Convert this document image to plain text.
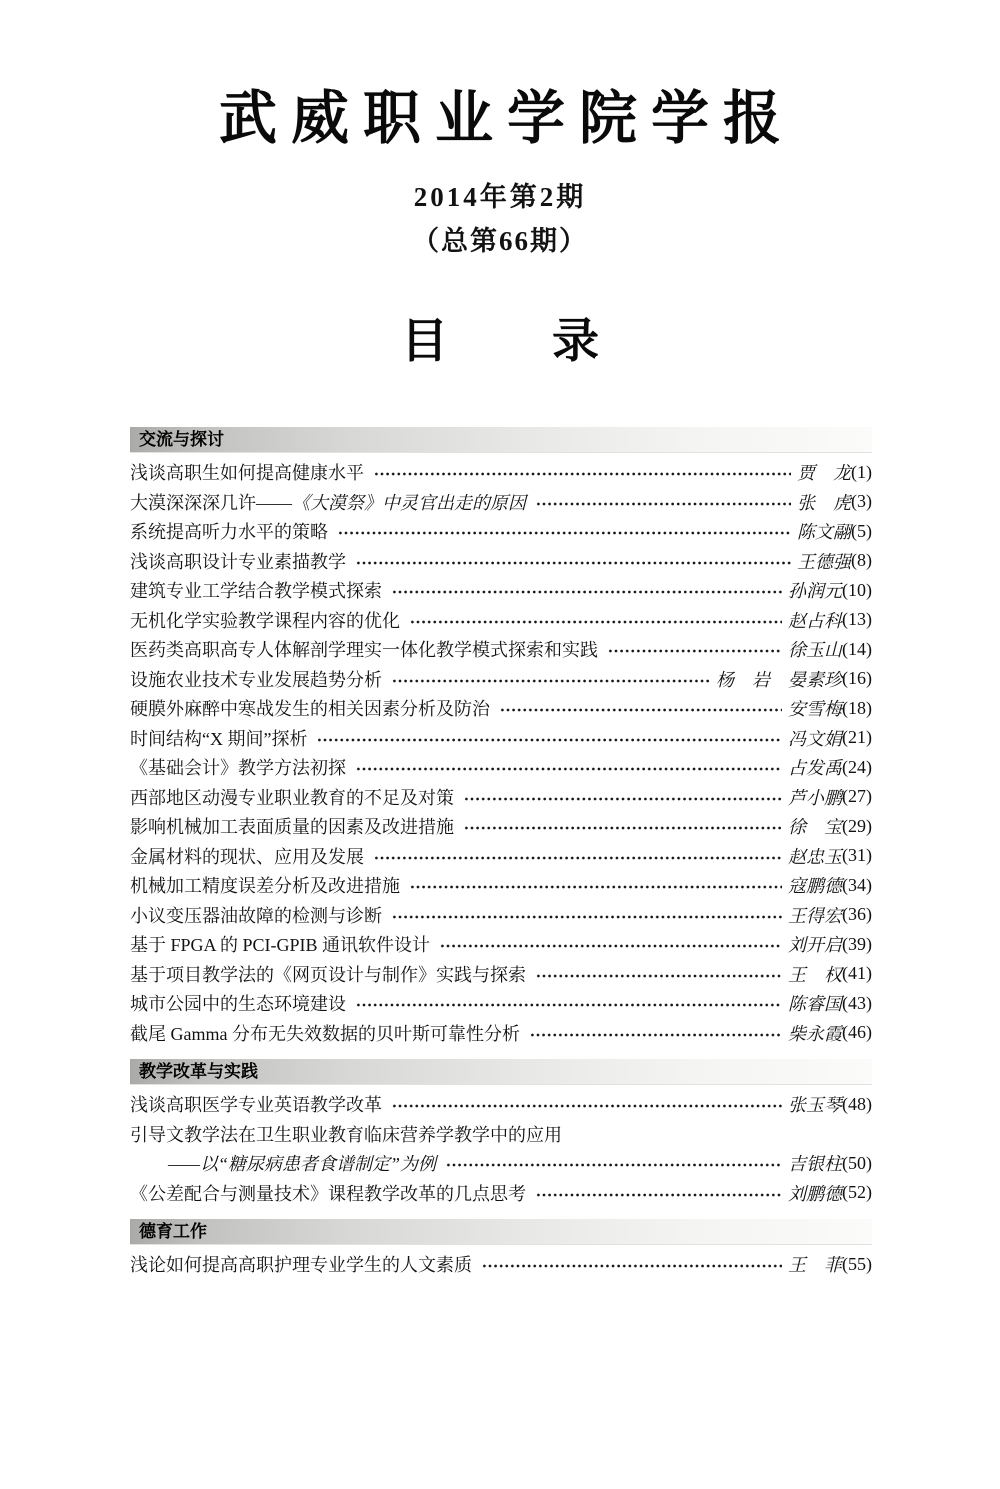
武威职业学院学报
2014年第2期
（总第66期）
目 录
交流与探讨
浅谈高职生如何提高健康水平	贾　龙 (1)
大漠深深深几许—— 《大漠祭》中灵官出走的原因	张　虎 (3)
系统提高听力水平的策略	陈文翮 (5)
浅谈高职设计专业素描教学	王德强 (8)
建筑专业工学结合教学模式探索	孙润元 (10)
无机化学实验教学课程内容的优化	赵占科 (13)
医药类高职高专人体解剖学理实一体化教学模式探索和实践	徐玉山 (14)
设施农业技术专业发展趋势分析	杨　岩　晏素珍 (16)
硬膜外麻醉中寒战发生的相关因素分析及防治	安雪梅 (18)
时间结构“X 期间”探析	冯文娟 (21)
《基础会计》教学方法初探	占发禹 (24)
西部地区动漫专业职业教育的不足及对策	芦小鹏 (27)
影响机械加工表面质量的因素及改进措施	徐　宝 (29)
金属材料的现状、应用及发展	赵忠玉 (31)
机械加工精度误差分析及改进措施	寇鹏德 (34)
小议变压器油故障的检测与诊断	王得宏 (36)
基于 FPGA 的 PCI-GPIB 通讯软件设计	刘开启 (39)
基于项目教学法的《网页设计与制作》实践与探索	王　权 (41)
城市公园中的生态环境建设	陈睿国 (43)
截尾 Gamma 分布无失效数据的贝叶斯可靠性分析	柴永霞 (46)
教学改革与实践
浅谈高职医学专业英语教学改革	张玉琴 (48)
引导文教学法在卫生职业教育临床营养学教学中的应用
——以“糖尿病患者食谱制定”为例	吉银柱 (50)
《公差配合与测量技术》课程教学改革的几点思考	刘鹏德 (52)
德育工作
浅论如何提高高职护理专业学生的人文素质	王　菲 (55)
